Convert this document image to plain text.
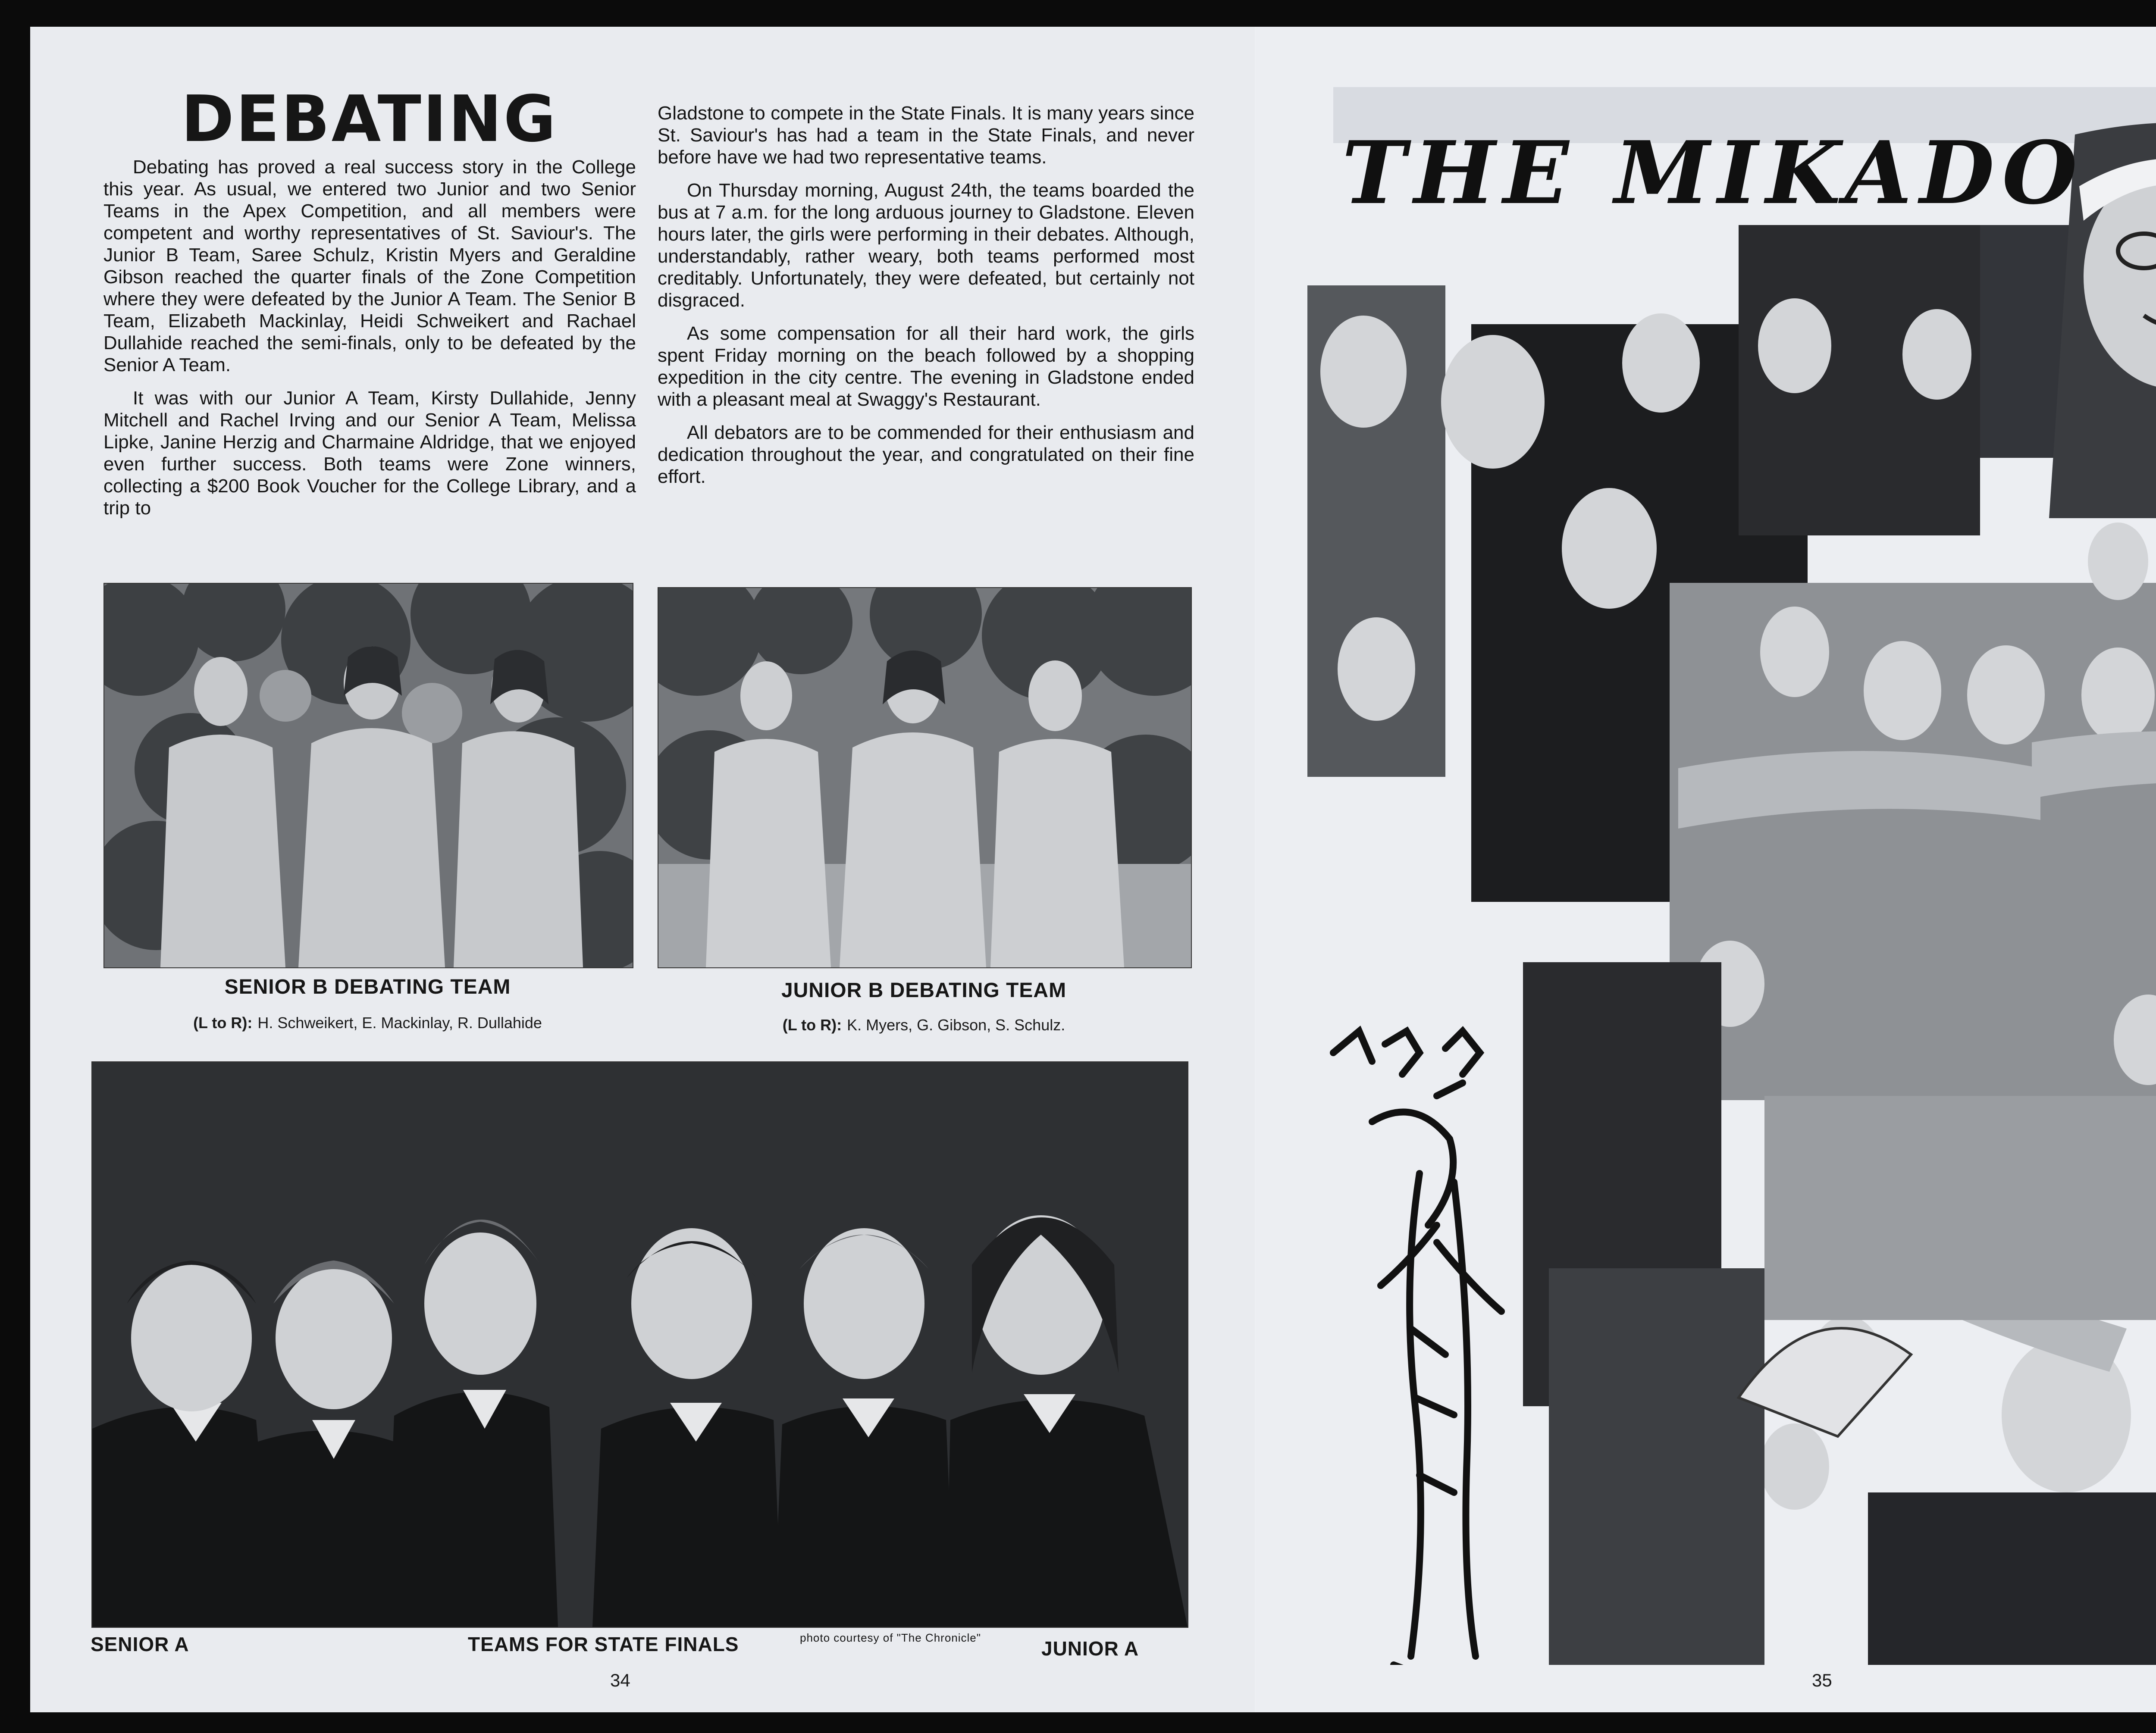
DEBATING

Debating has proved a real success story in the College this year. As usual, we entered two Junior and two Senior Teams in the Apex Competition, and all members were competent and worthy representatives of St. Saviour's. The Junior B Team, Saree Schulz, Kristin Myers and Geraldine Gibson reached the quarter finals of the Zone Competition where they were defeated by the Junior A Team. The Senior B Team, Elizabeth Mackinlay, Heidi Schweikert and Rachael Dullahide reached the semi-finals, only to be defeated by the Senior A Team.

It was with our Junior A Team, Kirsty Dullahide, Jenny Mitchell and Rachel Irving and our Senior A Team, Melissa Lipke, Janine Herzig and Charmaine Aldridge, that we enjoyed even further success. Both teams were Zone winners, collecting a $200 Book Voucher for the College Library, and a trip to

Gladstone to compete in the State Finals. It is many years since St. Saviour's has had a team in the State Finals, and never before have we had two representative teams.

On Thursday morning, August 24th, the teams boarded the bus at 7 a.m. for the long arduous journey to Gladstone. Eleven hours later, the girls were performing in their debates. Although, understandably, rather weary, both teams performed most creditably. Unfortunately, they were defeated, but certainly not disgraced.

As some compensation for all their hard work, the girls spent Friday morning on the beach followed by a shopping expedition in the city centre. The evening in Gladstone ended with a pleasant meal at Swaggy's Restaurant.

All debators are to be commended for their enthusiasm and dedication throughout the year, and congratulated on their fine effort.

SENIOR B DEBATING TEAM
(L to R): H. Schweikert, E. Mackinlay, R. Dullahide
JUNIOR B DEBATING TEAM
(L to R): K. Myers, G. Gibson, S. Schulz.
SENIOR A	TEAMS FOR STATE FINALS	photo courtesy of "The Chronicle"	JUNIOR A
34
THE MIKADO
35
